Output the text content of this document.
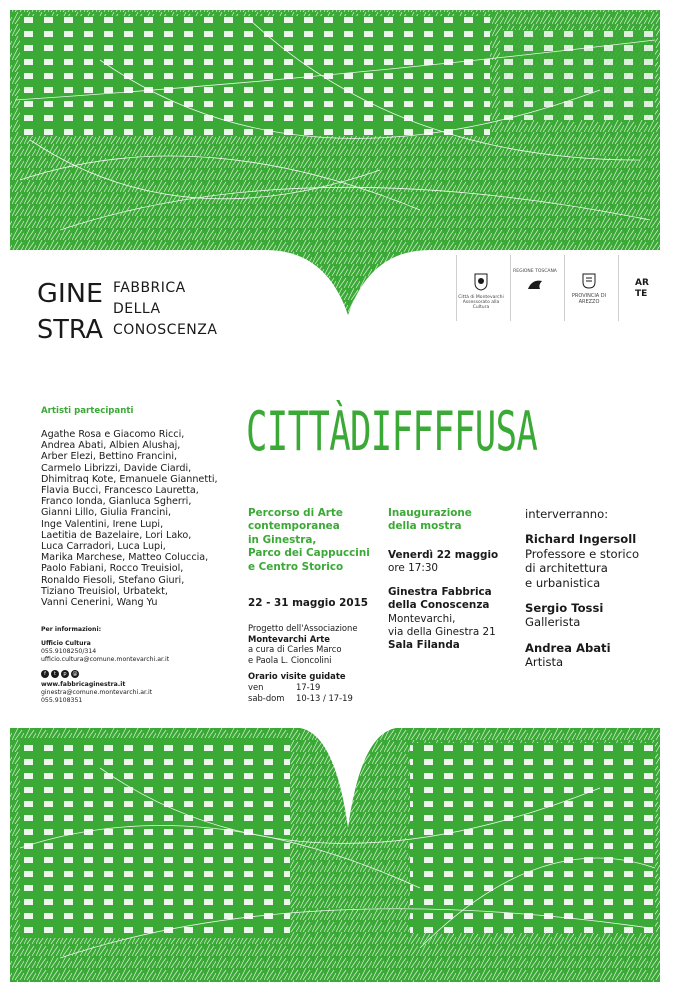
GINE
STRA
FABBRICA
DELLA
CONOSCENZA
Città di Montevarchi
Assessorato alla Cultura
REGIONE TOSCANA
PROVINCIA DI AREZZO
AR
TE
CITTÀDIFFFFUSA
Artisti partecipanti
Agathe Rosa e Giacomo Ricci,
Andrea Abati, Albien Alushaj,
Arber Elezi, Bettino Francini,
Carmelo Librizzi, Davide Ciardi,
Dhimitraq Kote, Emanuele Giannetti,
Flavia Bucci, Francesco Lauretta,
Franco Ionda, Gianluca Sgherri,
Gianni Lillo, Giulia Francini,
Inge Valentini, Irene Lupi,
Laetitia de Bazelaire, Lori Lako,
Luca Carradori, Luca Lupi,
Marika Marchese, Matteo Coluccia,
Paolo Fabiani, Rocco Treuisiol,
Ronaldo Fiesoli, Stefano Giuri,
Tiziano Treuisiol, Urbatekt,
Vanni Cenerini, Wang Yu
Per informazioni:
Ufficio Cultura
055.9108250/314
ufficio.cultura@comune.montevarchi.ar.it
f t p @
www.fabbricaginestra.it
ginestra@comune.montevarchi.ar.it
055.9108351
Percorso di Arte
contemporanea
in Ginestra,
Parco dei Cappuccini
e Centro Storico
22 - 31 maggio 2015
Progetto dell'Associazione
Montevarchi Arte
a cura di Carles Marco
e Paola L. Cioncolini
Orario visite guidate
ven	17-19
sab-dom 10-13 / 17-19
Inaugurazione
della mostra
Venerdì 22 maggio
ore 17:30
Ginestra Fabbrica
della Conoscenza
Montevarchi,
via della Ginestra 21
Sala Filanda
interverranno:
Richard Ingersoll
Professore e storico
di architettura
e urbanistica
Sergio Tossi
Gallerista
Andrea Abati
Artista
